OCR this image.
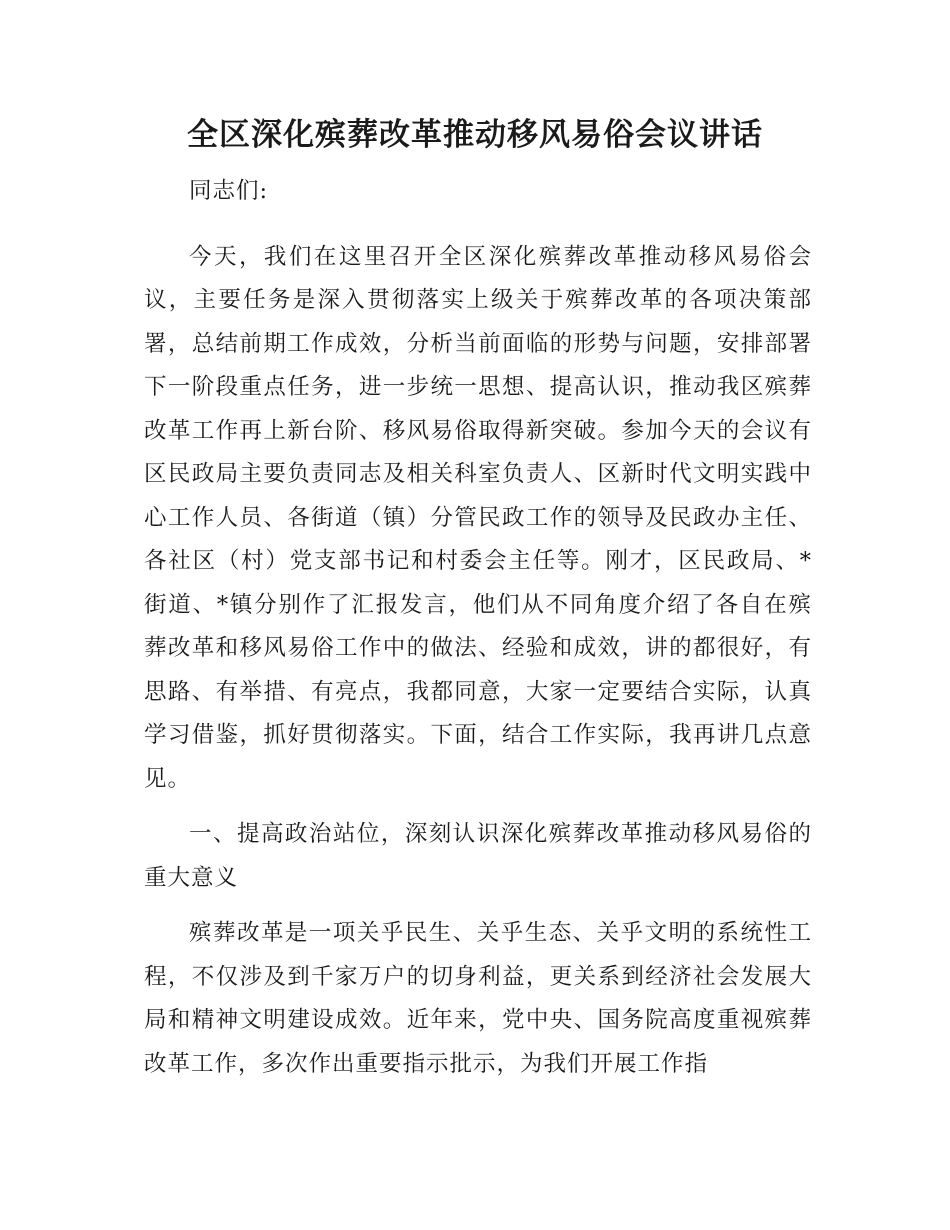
全区深化殡葬改革推动移风易俗会议讲话

同志们:

今天，我们在这里召开全区深化殡葬改革推动移风易俗会议，主要任务是深入贯彻落实上级关于殡葬改革的各项决策部署，总结前期工作成效，分析当前面临的形势与问题，安排部署下一阶段重点任务，进一步统一思想、提高认识，推动我区殡葬改革工作再上新台阶、移风易俗取得新突破。参加今天的会议有区民政局主要负责同志及相关科室负责人、区新时代文明实践中心工作人员、各街道（镇）分管民政工作的领导及民政办主任、各社区（村）党支部书记和村委会主任等。刚才，区民政局、*街道、*镇分别作了汇报发言，他们从不同角度介绍了各自在殡葬改革和移风易俗工作中的做法、经验和成效，讲的都很好，有思路、有举措、有亮点，我都同意，大家一定要结合实际，认真学习借鉴，抓好贯彻落实。下面，结合工作实际，我再讲几点意见。

一、提高政治站位，深刻认识深化殡葬改革推动移风易俗的重大意义

殡葬改革是一项关乎民生、关乎生态、关乎文明的系统性工程，不仅涉及到千家万户的切身利益，更关系到经济社会发展大局和精神文明建设成效。近年来，党中央、国务院高度重视殡葬改革工作，多次作出重要指示批示，为我们开展工作指
